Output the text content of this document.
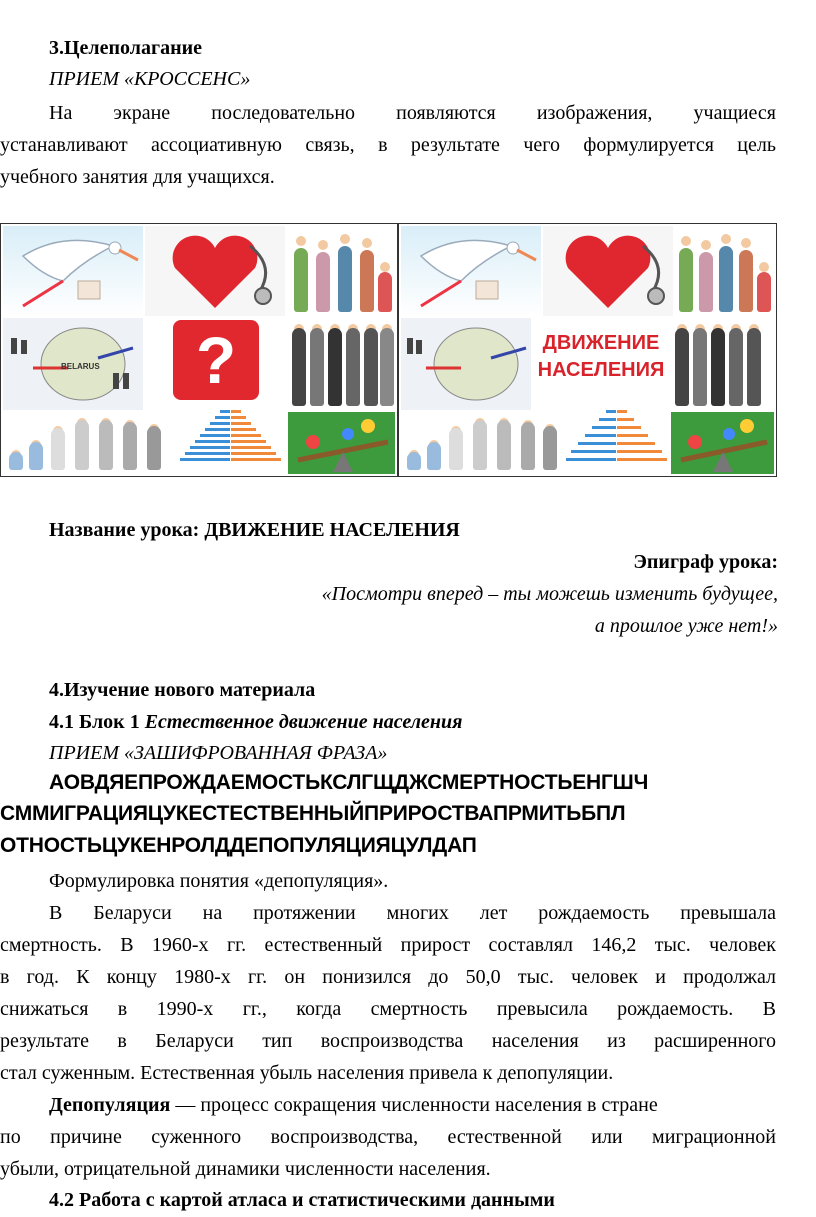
3.Целеполагание
ПРИЕМ «КРОССЕНС»
На экране последовательно появляются изображения, учащиеся
устанавливают ассоциативную связь, в результате чего формулируется цель
учебного занятия для учащихся.
BELARUS	?	ДВИЖЕНИЕ
НАСЕЛЕНИЯ
Название урока: ДВИЖЕНИЕ НАСЕЛЕНИЯ
Эпиграф урока:
«Посмотри вперед – ты можешь изменить будущее,
а прошлое уже нет!»
4.Изучение нового материала
4.1 Блок 1 Естественное движение населения
ПРИЕМ «ЗАШИФРОВАННАЯ ФРАЗА»
АОВДЯЕПРОЖДАЕМОСТЬКСЛГЩДЖСМЕРТНОСТЬЕНГШЧ
СММИГРАЦИЯЦУКЕСТЕСТВЕННЫЙПРИРОСТВАПРМИТЬБПЛ
ОТНОСТЬЦУКЕНРОЛДДЕПОПУЛЯЦИЯЦУЛДАП
Формулировка понятия «депопуляция».
В Беларуси на протяжении многих лет рождаемость превышала
смертность. В 1960-х гг. естественный прирост составлял 146,2 тыс. человек
в год. К концу 1980-х гг. он понизился до 50,0 тыс. человек и продолжал
снижаться в 1990-х гг., когда смертность превысила рождаемость. В
результате в Беларуси тип воспроизводства населения из расширенного
стал суженным. Естественная убыль населения привела к депопуляции.
Депопуляция — процесс сокращения численности населения в стране
по причине суженного воспроизводства, естественной или миграционной
убыли, отрицательной динамики численности населения.
4.2 Работа с картой атласа и статистическими данными
